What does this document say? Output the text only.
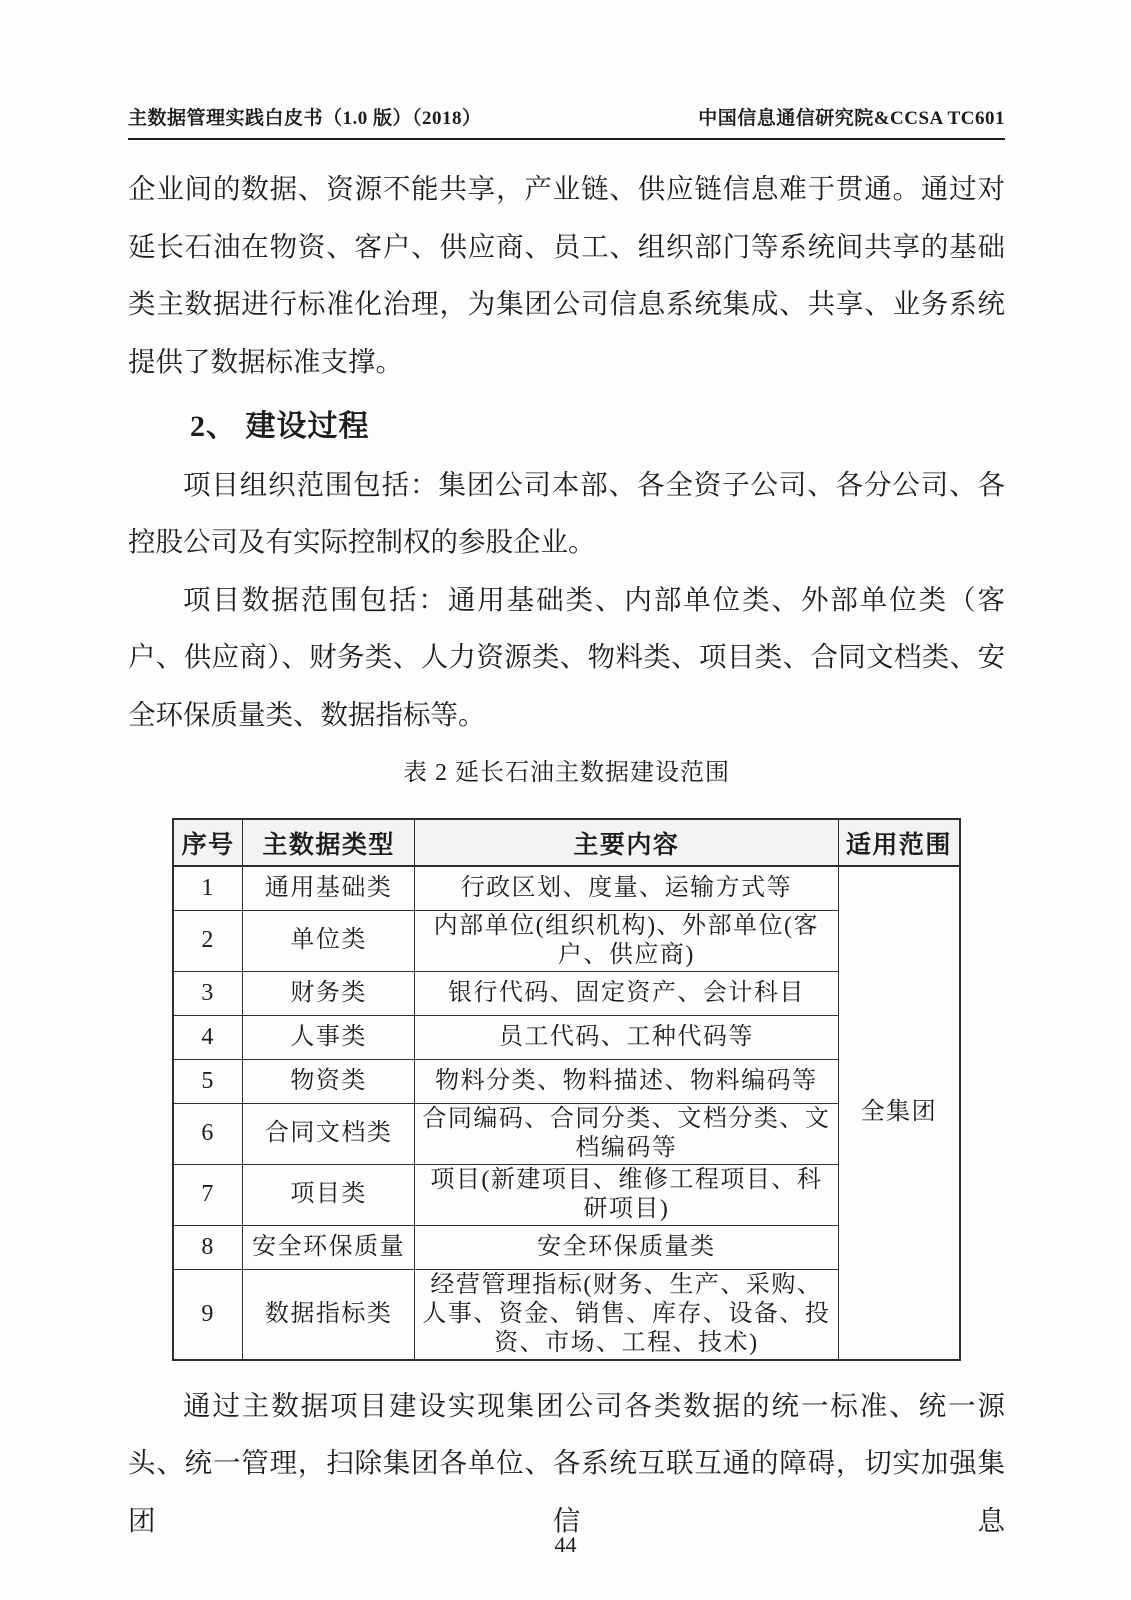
主数据管理实践白皮书（1.0 版）（2018）	中国信息通信研究院&CCSA TC601

企业间的数据、资源不能共享，产业链、供应链信息难于贯通。通过对延长石油在物资、客户、供应商、员工、组织部门等系统间共享的基础类主数据进行标准化治理，为集团公司信息系统集成、共享、业务系统提供了数据标准支撑。

2、 建设过程

项目组织范围包括：集团公司本部、各全资子公司、各分公司、各控股公司及有实际控制权的参股企业。

项目数据范围包括：通用基础类、内部单位类、外部单位类（客户、供应商）、财务类、人力资源类、物料类、项目类、合同文档类、安全环保质量类、数据指标等。

表 2 延长石油主数据建设范围
序号	主数据类型	主要内容	适用范围
1	通用基础类	行政区划、度量、运输方式等	全集团
2	单位类	内部单位(组织机构)、外部单位(客户、供应商)	
3	财务类	银行代码、固定资产、会计科目	
4	人事类	员工代码、工种代码等	
5	物资类	物料分类、物料描述、物料编码等	
6	合同文档类	合同编码、合同分类、文档分类、文档编码等	
7	项目类	项目(新建项目、维修工程项目、科研项目)	
8	安全环保质量	安全环保质量类	
9	数据指标类	经营管理指标(财务、生产、采购、人事、资金、销售、库存、设备、投资、市场、工程、技术)	

通过主数据项目建设实现集团公司各类数据的统一标准、统一源头、统一管理，扫除集团各单位、各系统互联互通的障碍，切实加强集团信息

44
